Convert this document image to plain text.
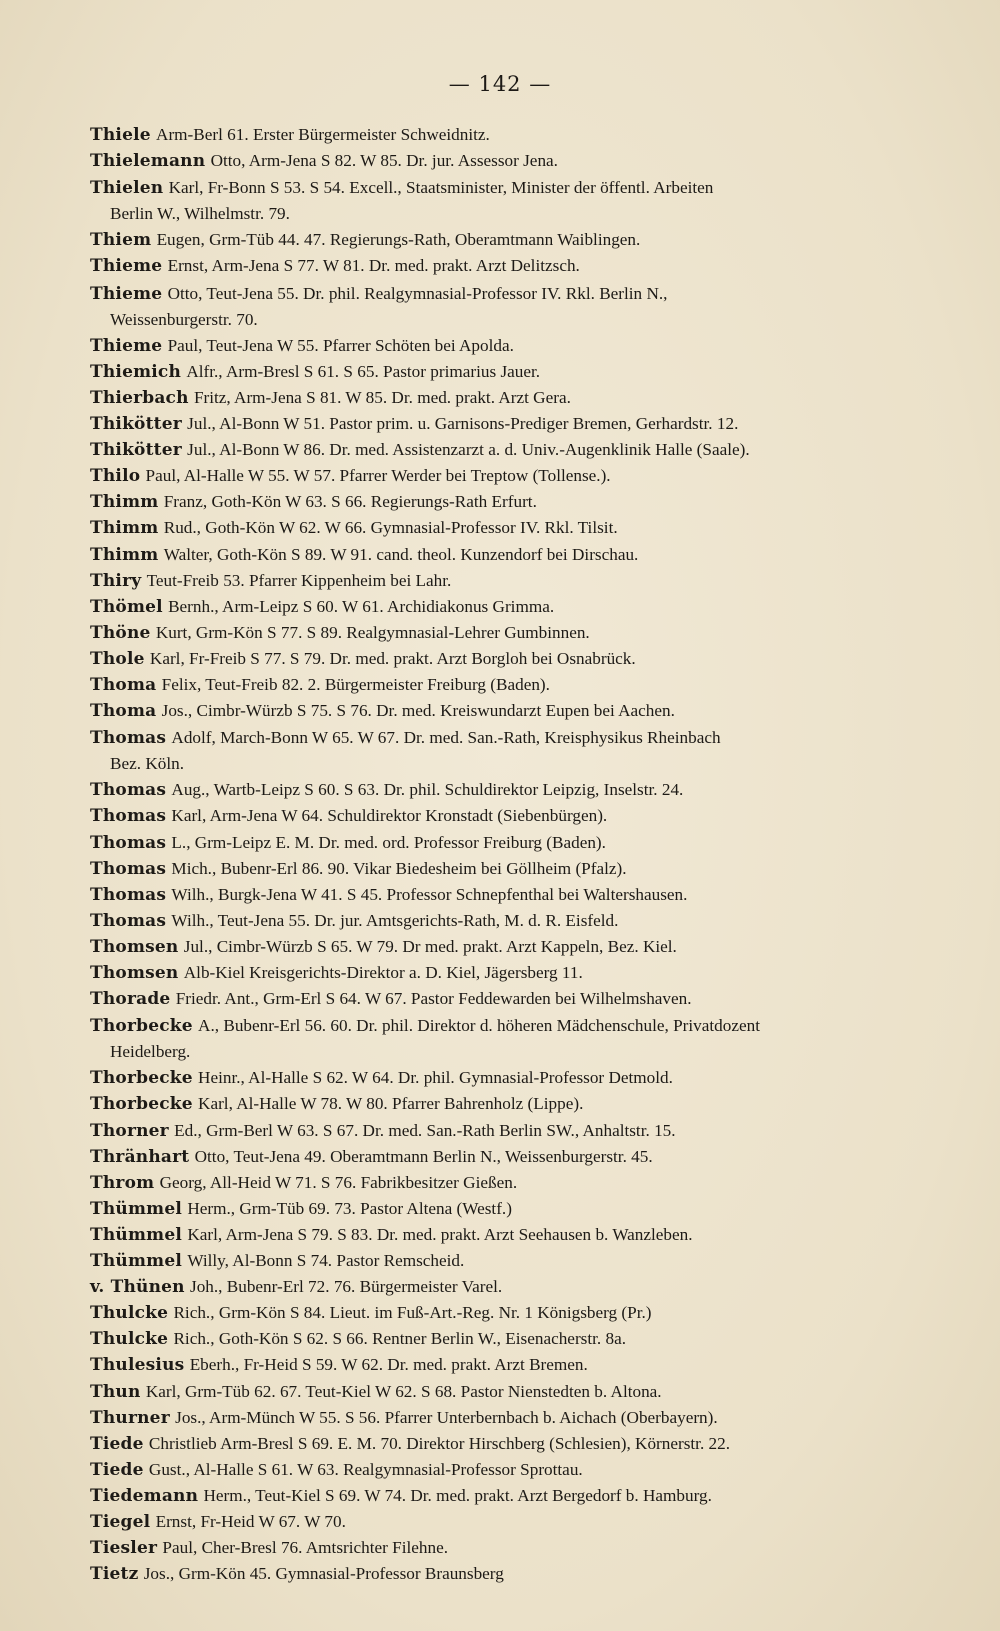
— 142 —
Thiele Arm-Berl 61. Erster Bürgermeister Schweidnitz.
Thielemann Otto, Arm-Jena S 82. W 85. Dr. jur. Assessor Jena.
Thielen Karl, Fr-Bonn S 53. S 54. Excell., Staatsminister, Minister der öffentl. Arbeiten
Berlin W., Wilhelmstr. 79.
Thiem Eugen, Grm-Tüb 44. 47. Regierungs-Rath, Oberamtmann Waiblingen.
Thieme Ernst, Arm-Jena S 77. W 81. Dr. med. prakt. Arzt Delitzsch.
Thieme Otto, Teut-Jena 55. Dr. phil. Realgymnasial-Professor IV. Rkl. Berlin N.,
Weissenburgerstr. 70.
Thieme Paul, Teut-Jena W 55. Pfarrer Schöten bei Apolda.
Thiemich Alfr., Arm-Bresl S 61. S 65. Pastor primarius Jauer.
Thierbach Fritz, Arm-Jena S 81. W 85. Dr. med. prakt. Arzt Gera.
Thikötter Jul., Al-Bonn W 51. Pastor prim. u. Garnisons-Prediger Bremen, Gerhardstr. 12.
Thikötter Jul., Al-Bonn W 86. Dr. med. Assistenzarzt a. d. Univ.-Augenklinik Halle (Saale).
Thilo Paul, Al-Halle W 55. W 57. Pfarrer Werder bei Treptow (Tollense.).
Thimm Franz, Goth-Kön W 63. S 66. Regierungs-Rath Erfurt.
Thimm Rud., Goth-Kön W 62. W 66. Gymnasial-Professor IV. Rkl. Tilsit.
Thimm Walter, Goth-Kön S 89. W 91. cand. theol. Kunzendorf bei Dirschau.
Thiry Teut-Freib 53. Pfarrer Kippenheim bei Lahr.
Thömel Bernh., Arm-Leipz S 60. W 61. Archidiakonus Grimma.
Thöne Kurt, Grm-Kön S 77. S 89. Realgymnasial-Lehrer Gumbinnen.
Thole Karl, Fr-Freib S 77. S 79. Dr. med. prakt. Arzt Borgloh bei Osnabrück.
Thoma Felix, Teut-Freib 82. 2. Bürgermeister Freiburg (Baden).
Thoma Jos., Cimbr-Würzb S 75. S 76. Dr. med. Kreiswundarzt Eupen bei Aachen.
Thomas Adolf, March-Bonn W 65. W 67. Dr. med. San.-Rath, Kreisphysikus Rheinbach
Bez. Köln.
Thomas Aug., Wartb-Leipz S 60. S 63. Dr. phil. Schuldirektor Leipzig, Inselstr. 24.
Thomas Karl, Arm-Jena W 64. Schuldirektor Kronstadt (Siebenbürgen).
Thomas L., Grm-Leipz E. M. Dr. med. ord. Professor Freiburg (Baden).
Thomas Mich., Bubenr-Erl 86. 90. Vikar Biedesheim bei Göllheim (Pfalz).
Thomas Wilh., Burgk-Jena W 41. S 45. Professor Schnepfenthal bei Waltershausen.
Thomas Wilh., Teut-Jena 55. Dr. jur. Amtsgerichts-Rath, M. d. R. Eisfeld.
Thomsen Jul., Cimbr-Würzb S 65. W 79. Dr med. prakt. Arzt Kappeln, Bez. Kiel.
Thomsen Alb-Kiel Kreisgerichts-Direktor a. D. Kiel, Jägersberg 11.
Thorade Friedr. Ant., Grm-Erl S 64. W 67. Pastor Feddewarden bei Wilhelmshaven.
Thorbecke A., Bubenr-Erl 56. 60. Dr. phil. Direktor d. höheren Mädchenschule, Privatdozent
Heidelberg.
Thorbecke Heinr., Al-Halle S 62. W 64. Dr. phil. Gymnasial-Professor Detmold.
Thorbecke Karl, Al-Halle W 78. W 80. Pfarrer Bahrenholz (Lippe).
Thorner Ed., Grm-Berl W 63. S 67. Dr. med. San.-Rath Berlin SW., Anhaltstr. 15.
Thränhart Otto, Teut-Jena 49. Oberamtmann Berlin N., Weissenburgerstr. 45.
Throm Georg, All-Heid W 71. S 76. Fabrikbesitzer Gießen.
Thümmel Herm., Grm-Tüb 69. 73. Pastor Altena (Westf.)
Thümmel Karl, Arm-Jena S 79. S 83. Dr. med. prakt. Arzt Seehausen b. Wanzleben.
Thümmel Willy, Al-Bonn S 74. Pastor Remscheid.
v. Thünen Joh., Bubenr-Erl 72. 76. Bürgermeister Varel.
Thulcke Rich., Grm-Kön S 84. Lieut. im Fuß-Art.-Reg. Nr. 1 Königsberg (Pr.)
Thulcke Rich., Goth-Kön S 62. S 66. Rentner Berlin W., Eisenacherstr. 8a.
Thulesius Eberh., Fr-Heid S 59. W 62. Dr. med. prakt. Arzt Bremen.
Thun Karl, Grm-Tüb 62. 67. Teut-Kiel W 62. S 68. Pastor Nienstedten b. Altona.
Thurner Jos., Arm-Münch W 55. S 56. Pfarrer Unterbernbach b. Aichach (Oberbayern).
Tiede Christlieb Arm-Bresl S 69. E. M. 70. Direktor Hirschberg (Schlesien), Körnerstr. 22.
Tiede Gust., Al-Halle S 61. W 63. Realgymnasial-Professor Sprottau.
Tiedemann Herm., Teut-Kiel S 69. W 74. Dr. med. prakt. Arzt Bergedorf b. Hamburg.
Tiegel Ernst, Fr-Heid W 67. W 70.
Tiesler Paul, Cher-Bresl 76. Amtsrichter Filehne.
Tietz Jos., Grm-Kön 45. Gymnasial-Professor Braunsberg
